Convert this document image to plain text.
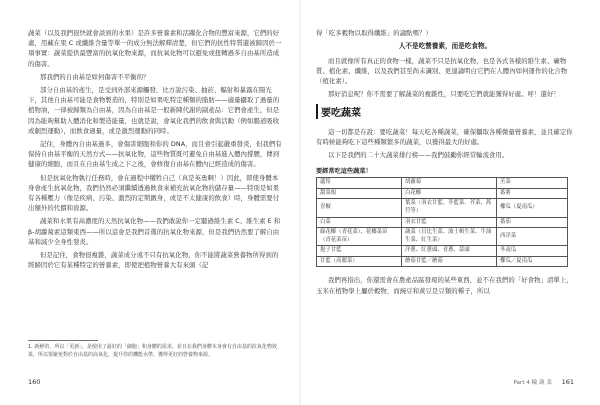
蔬菜（以及我們很快就會談到的水果）是許多營養素和活躍化合物的豐富來源，它們的好處，用藏在果 C 或纖維含量等單一的成分無法解釋清楚，但它們的抗性特質還被歸因於一項事實：蔬菜提供最豐富的抗氧化物來源，而抗氧化物可以避免或扭轉過多自由基所造成的傷害。

那我們的自由基是如何傷害不平衡的？

部分自由基的產生，是受到外部來源觸發，比方說污染、抽菸、輻射和暴露在陽光下，其他自由基可能是食物製造的，特別是如果吃特定種類的脂肪——適量攝取了過量的植物油，一律被歸類為自由基，因為自由基是一般新陳代謝的副產品：它們會產生，但是因為能夠幫助人體消化和製造能量，也就是說，會氧化我們的飲食與活動（例如腸道吸收或劇烈運動），而飲食過量，或是激烈運動的同時。

記住，身體內自由基過多，會傷害細胞和你的 DNA，而且會引起嚴重發炎，但我們有保持自由基平衡的天然方式——抗氧化物，這些物質既可避免自由基進入體內撐腰，傳到健康的細胞，而且在自由基生成之下之後，會修復自由基在體內已經造成的傷害。

但是抗氧化物執行任務時，會在過程中犧牲自己（真是英勇啊！）因此，即使身體本身會產生抗氧化物，我們仍然必須繼續透過飲食來補充抗氧化物的儲存量——特別是如果有各種壓力（像是疾病、污染、激烈的定期鍛身，或是不太健康的飲食）時，身體需要付出額外的代價和資源。

蔬菜和水果有高濃度的天然抗氧化物——我們敢說你一定聽過維生素 C、維生素 E 和 β-胡蘿蔔素這類東西——所以這會是我們首選的抗氧化物來源，但是我們仍然要了解自由基和減少全身性發炎。

但是記住，食物很複雜，蔬菜成分遠不只有抗氧化物，你不能將蔬菜營養物所得到的經歸因於它有某種特定的營養素，即使把植物營養大有來頭（記

1. 新鮮的，所以「更新」，是使用了最好的「細胞」和身體的需求，並且在我們身體本身會有自由基的抗氧化物效果，所以要避免對於自由基的高氧化，提升你的機能水準，獲得更好的營養物來源。
160

得「吃多穀物以取得纖維」的論點嗎？）

人不是吃營養素，而是吃食物。

而且就像所有真正的食物一樣，蔬菜不只是抗氧化物，也是各式各樣的維生素、礦物質、植化素、纖維，以及我們甚至尚未識別、更遑論明白它們在人體內如何運作的化合物（植化素）。

那好消息呢？你不需要了解蔬菜的複雜性，只要吃它們就能獲得好處。呼！還好！

要吃蔬菜

這一切都是在說：要吃蔬菜！每天吃各種蔬菜，確保攝取各種微量營養素，並且確定你有時候能夠吃下這些種類繁多的蔬菜，以獲得最大的好處。

以下是我們的二十大蔬菜排行榜——我們鼓勵你經常輪流食用。

要經常吃這些蔬菜！
蘆筍	胡蘿蔔	苤菜
甜菜根	白花椰	番薯
青椒	葉菜（羽衣甘藍、芥藍菜、芥菜、萵苣等）	櫛瓜（夏南瓜）
白菜	羽衣甘藍	番茄
綠花椰（青花菜）、花椰菜苗（青花菜苗）	蔬菜（貝比生菜、波士頓生菜、牛油生菜、紅生菜）	西洋菜
抱子甘藍	洋蔥、紅蔥頭、青蔥、蒜頭	冬南瓜
甘藍（高麗菜）	蘑菇甘藍／蘑菇	櫛瓜／夏南瓜

我們再指出，你還需會在農產品區發現的某些東西，並不在我們的「好食物」清單上，玉米在植物學上屬於穀物，而豌豆和黃豆是豆類的種子，所以

Part 4 輪 蔬 菜 161
